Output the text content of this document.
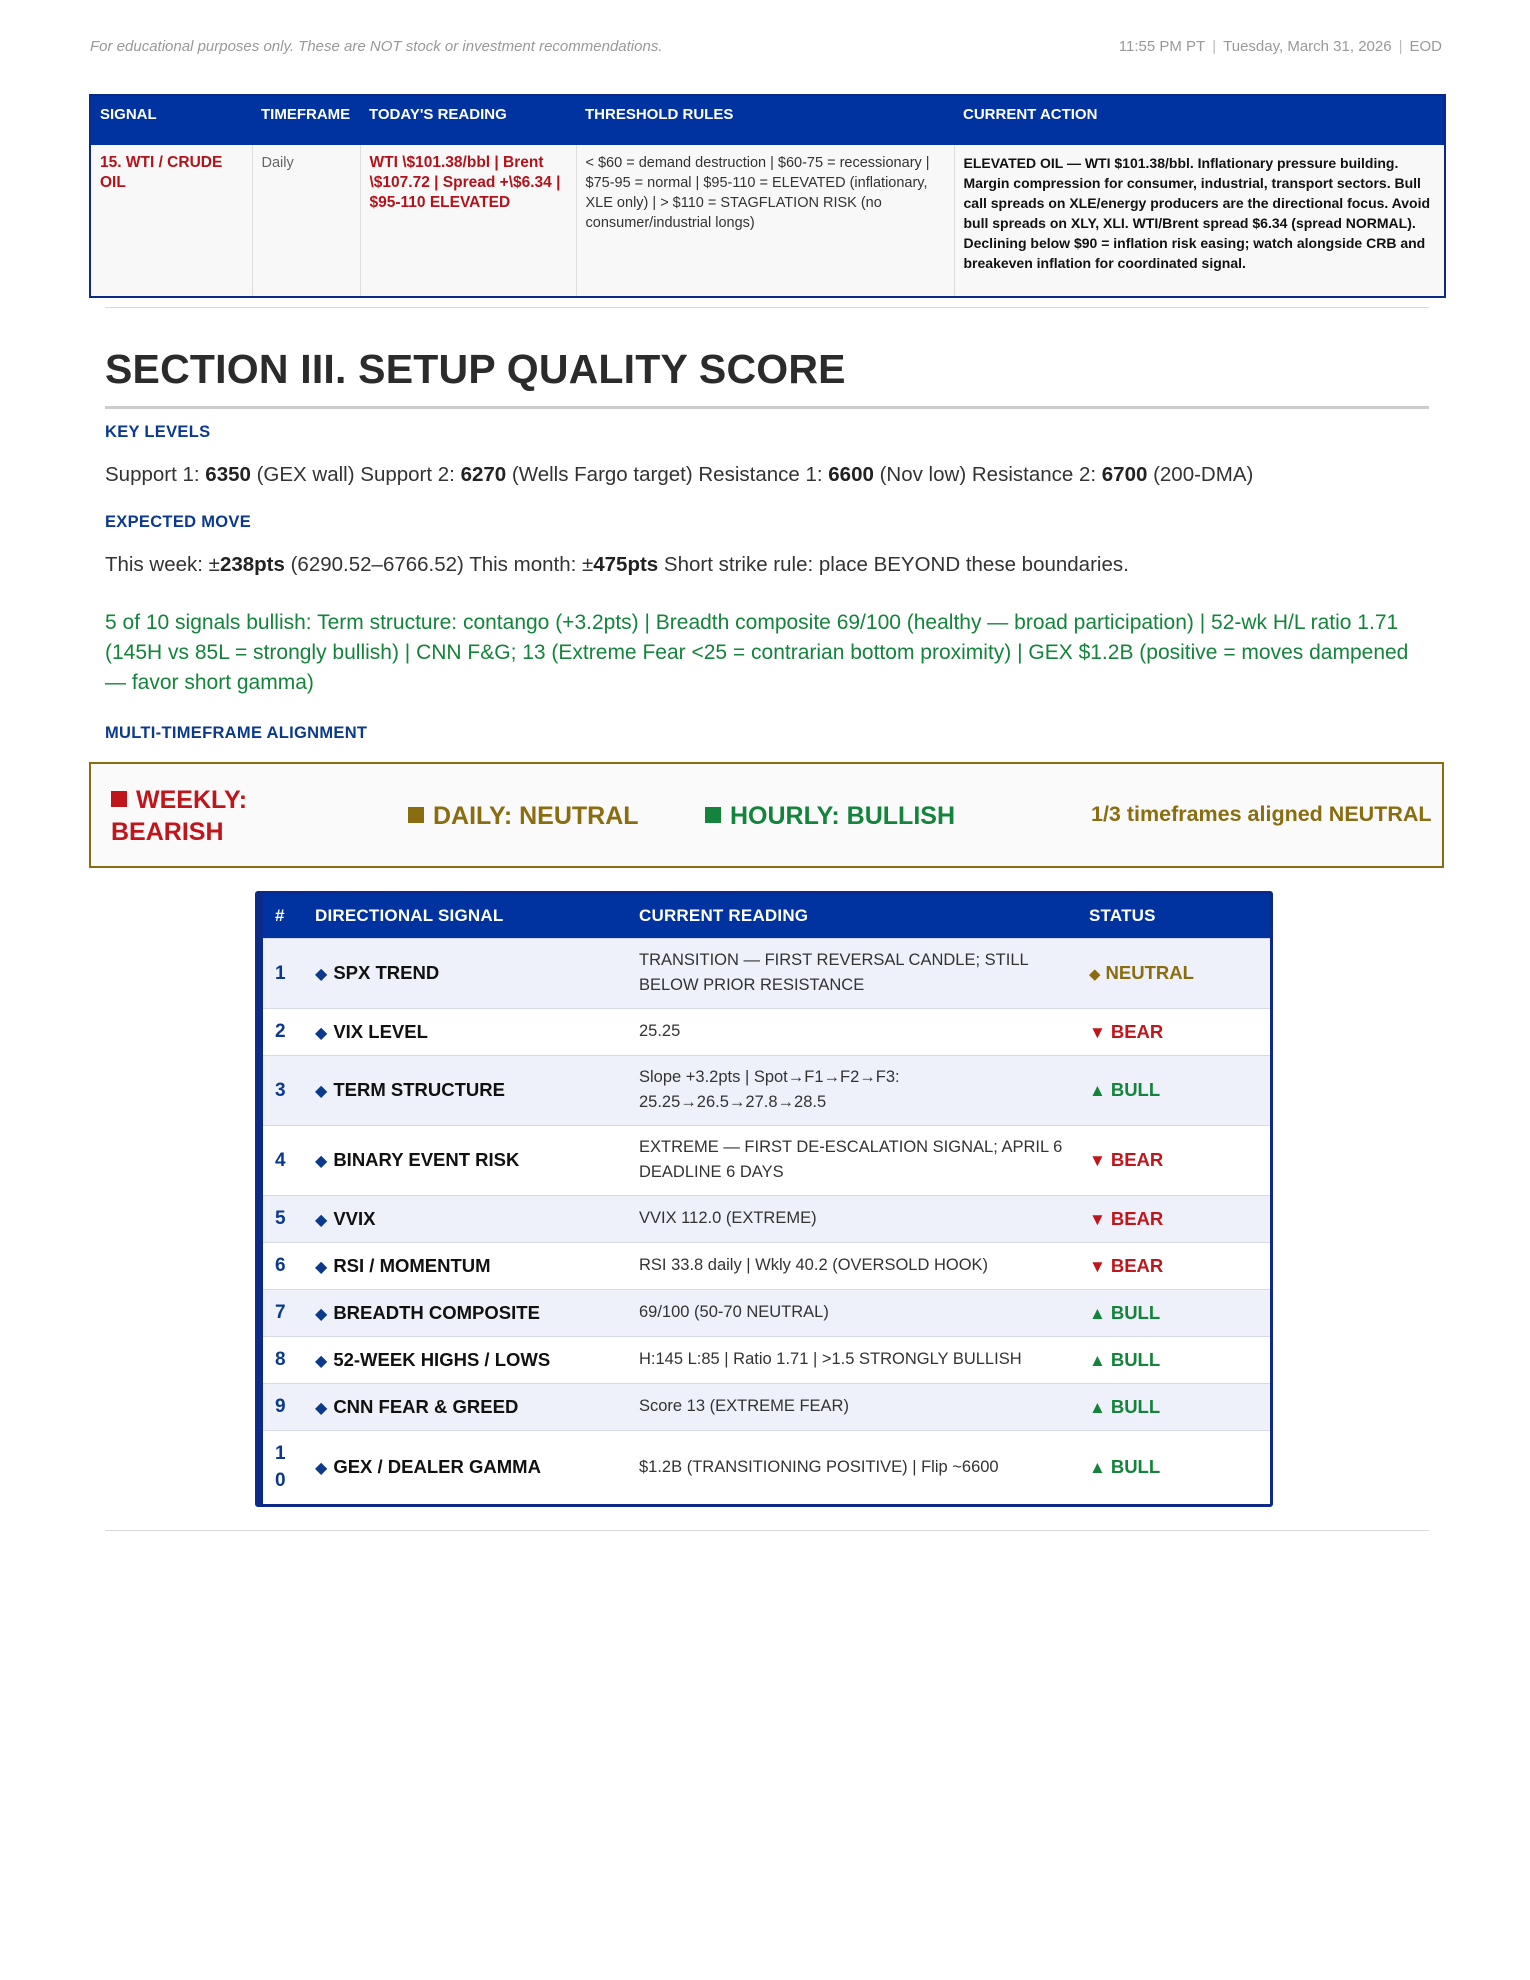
For educational purposes only. These are NOT stock or investment recommendations.	11:55 PM PT | Tuesday, March 31, 2026 | EOD
SIGNAL	TIMEFRAME	TODAY'S READING	THRESHOLD RULES	CURRENT ACTION
15. WTI / CRUDE OIL	Daily	WTI \$101.38/bbl | Brent \$107.72 | Spread +\$6.34 | $95-110 ELEVATED	< $60 = demand destruction | $60-75 = recessionary | $75-95 = normal | $95-110 = ELEVATED (inflationary, XLE only) | > $110 = STAGFLATION RISK (no consumer/industrial longs)	ELEVATED OIL — WTI $101.38/bbl. Inflationary pressure building. Margin compression for consumer, industrial, transport sectors. Bull call spreads on XLE/energy producers are the directional focus. Avoid bull spreads on XLY, XLI. WTI/Brent spread $6.34 (spread NORMAL). Declining below $90 = inflation risk easing; watch alongside CRB and breakeven inflation for coordinated signal.
SECTION III. SETUP QUALITY SCORE
KEY LEVELS
Support 1: 6350 (GEX wall) Support 2: 6270 (Wells Fargo target) Resistance 1: 6600 (Nov low) Resistance 2: 6700 (200-DMA)
EXPECTED MOVE
This week: ±238pts (6290.52–6766.52) This month: ±475pts Short strike rule: place BEYOND these boundaries.
5 of 10 signals bullish: Term structure: contango (+3.2pts) | Breadth composite 69/100 (healthy — broad participation) | 52-wk H/L ratio 1.71 (145H vs 85L = strongly bullish) | CNN F&G; 13 (Extreme Fear <25 = contrarian bottom proximity) | GEX $1.2B (positive = moves dampened — favor short gamma)
MULTI-TIMEFRAME ALIGNMENT
WEEKLY:
BEARISH
DAILY: NEUTRAL	HOURLY: BULLISH	1/3 timeframes aligned NEUTRAL
#	DIRECTIONAL SIGNAL	CURRENT READING	STATUS
1	◆ SPX TREND	TRANSITION — FIRST REVERSAL CANDLE; STILL BELOW PRIOR RESISTANCE	◆ NEUTRAL
2	◆ VIX LEVEL	25.25	▼ BEAR
3	◆ TERM STRUCTURE	Slope +3.2pts | Spot→F1→F2→F3: 25.25→26.5→27.8→28.5	▲ BULL
4	◆ BINARY EVENT RISK	EXTREME — FIRST DE-ESCALATION SIGNAL; APRIL 6 DEADLINE 6 DAYS	▼ BEAR
5	◆ VVIX	VVIX 112.0 (EXTREME)	▼ BEAR
6	◆ RSI / MOMENTUM	RSI 33.8 daily | Wkly 40.2 (OVERSOLD HOOK)	▼ BEAR
7	◆ BREADTH COMPOSITE	69/100 (50-70 NEUTRAL)	▲ BULL
8	◆ 52-WEEK HIGHS / LOWS	H:145 L:85 | Ratio 1.71 | >1.5 STRONGLY BULLISH	▲ BULL
9	◆ CNN FEAR & GREED	Score 13 (EXTREME FEAR)	▲ BULL
10	◆ GEX / DEALER GAMMA	$1.2B (TRANSITIONING POSITIVE) | Flip ~6600	▲ BULL
